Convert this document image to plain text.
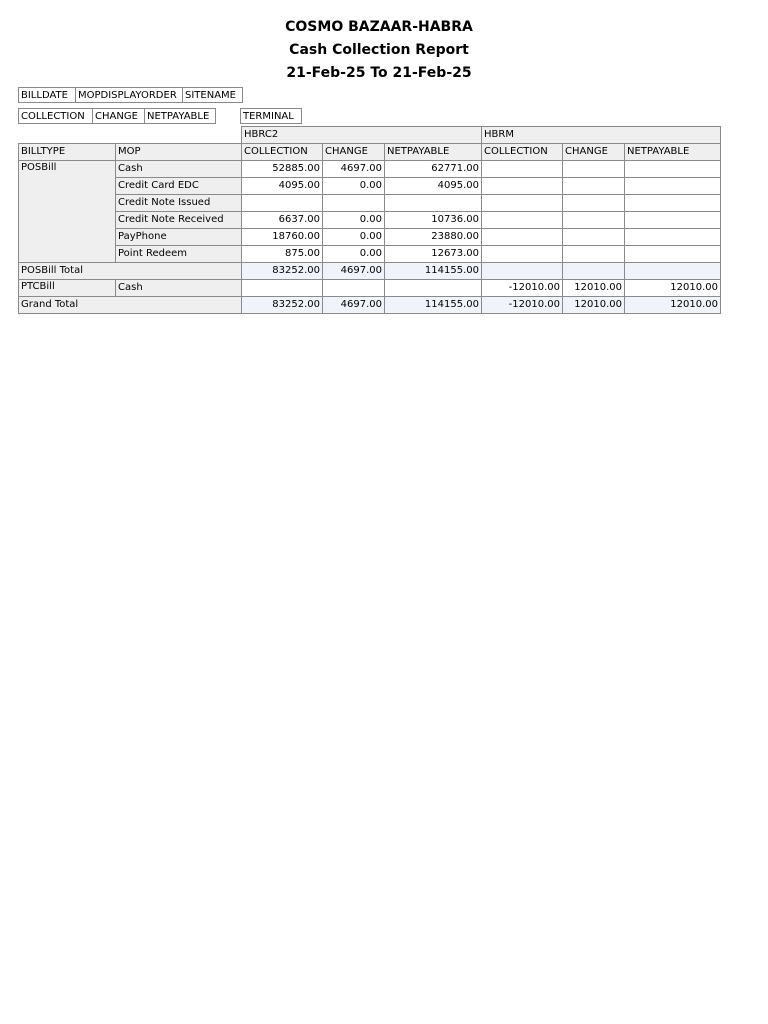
COSMO BAZAAR-HABRA
Cash Collection Report
21-Feb-25 To 21-Feb-25
BILLDATE	MOPDISPLAYORDER SITENAME
COLLECTION	CHANGE NETPAYABLE	TERMINAL
		HBRC2			HBRM		
BILLTYPE	MOP	COLLECTION	CHANGE	NETPAYABLE	COLLECTION	CHANGE	NETPAYABLE
POSBill	Cash	52885.00	4697.00	62771.00			
	Credit Card EDC	4095.00	0.00	4095.00			
	Credit Note Issued						
	Credit Note Received	6637.00	0.00	10736.00			
	PayPhone	18760.00	0.00	23880.00			
	Point Redeem	875.00	0.00	12673.00			
POSBill Total		83252.00	4697.00	114155.00			
PTCBill	Cash				-12010.00	12010.00	12010.00
Grand Total		83252.00	4697.00	114155.00	-12010.00	12010.00	12010.00
